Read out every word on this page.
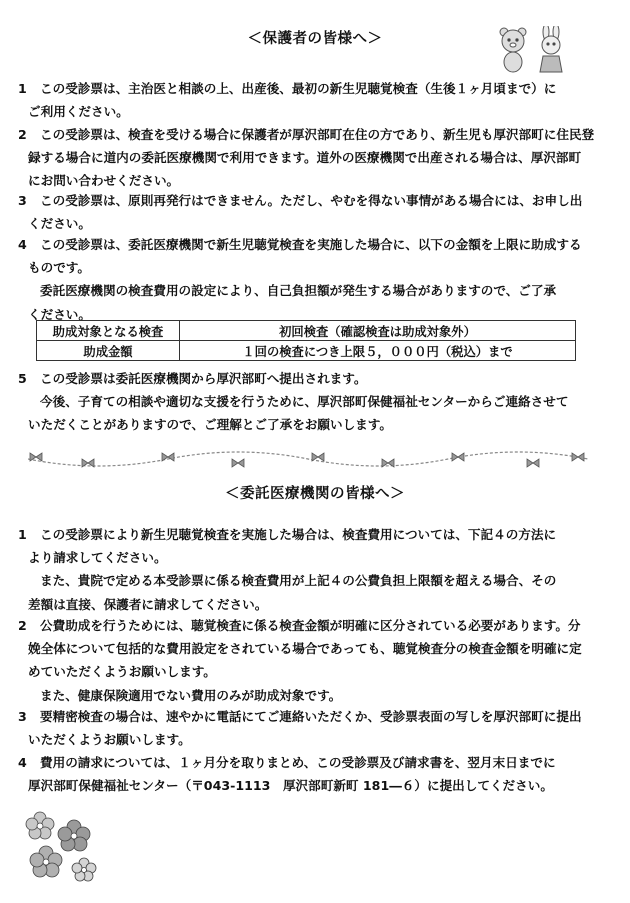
＜保護者の皆様へ＞
1	この受診票は、主治医と相談の上、出産後、最初の新生児聴覚検査（生後１ヶ月頃まで）に
ご利用ください。
2	この受診票は、検査を受ける場合に保護者が厚沢部町在住の方であり、新生児も厚沢部町に住民登
録する場合に道内の委託医療機関で利用できます。道外の医療機関で出産される場合は、厚沢部町
にお問い合わせください。
3	この受診票は、原則再発行はできません。ただし、やむを得ない事情がある場合には、お申し出
ください。
4	この受診票は、委託医療機関で新生児聴覚検査を実施した場合に、以下の金額を上限に助成する
ものです。
委託医療機関の検査費用の設定により、自己負担額が発生する場合がありますので、ご了承
ください。
助成対象となる検査	初回検査（確認検査は助成対象外）
助成金額	１回の検査につき上限５，０００円（税込）まで
5	この受診票は委託医療機関から厚沢部町へ提出されます。
今後、子育ての相談や適切な支援を行うために、厚沢部町保健福祉センターからご連絡させて
いただくことがありますので、ご理解とご了承をお願いします。
＜委託医療機関の皆様へ＞
1	この受診票により新生児聴覚検査を実施した場合は、検査費用については、下記４の方法に
より請求してください。
また、貴院で定める本受診票に係る検査費用が上記４の公費負担上限額を超える場合、その
差額は直接、保護者に請求してください。
2	公費助成を行うためには、聴覚検査に係る検査金額が明確に区分されている必要があります。分
娩全体について包括的な費用設定をされている場合であっても、聴覚検査分の検査金額を明確に定
めていただくようお願いします。
また、健康保険適用でない費用のみが助成対象です。
3	要精密検査の場合は、速やかに電話にてご連絡いただくか、受診票表面の写しを厚沢部町に提出
いただくようお願いします。
4	費用の請求については、１ヶ月分を取りまとめ、この受診票及び請求書を、翌月末日までに
厚沢部町保健福祉センター（〒043-1113　厚沢部町新町 181―６）に提出してください。
